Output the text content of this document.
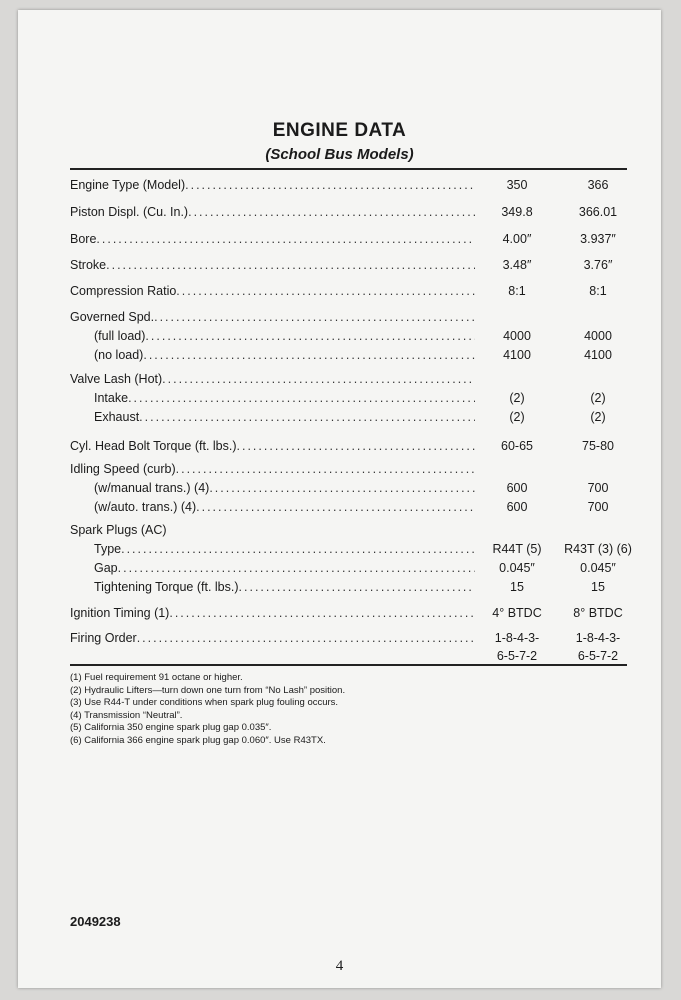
ENGINE DATA
(School Bus Models)
Engine Type (Model) .....	350	366
Piston Displ. (Cu. In.) .....	349.8	366.01
Bore .....	4.00″	3.937″
Stroke .....	3.48″	3.76″
Compression Ratio .....	8:1	8:1
Governed Spd. .....
(full load) .....	4000	4000
(no load) .....	4100	4100
Valve Lash (Hot) .....
Intake .....	(2)	(2)
Exhaust .....	(2)	(2)
Cyl. Head Bolt Torque (ft. lbs.) .....	60-65	75-80
Idling Speed (curb) .....
(w/manual trans.) (4) .....	600	700
(w/auto. trans.) (4) .....	600	700
Spark Plugs (AC)
Type .....	R44T (5)	R43T (3) (6)
Gap .....	0.045″	0.045″
Tightening Torque (ft. lbs.) .....	15	15
Ignition Timing (1) .....	4° BTDC	8° BTDC
Firing Order .....	1-8-4-3-	1-8-4-3-
6-5-7-2	6-5-7-2
(1) Fuel requirement 91 octane or higher.
(2) Hydraulic Lifters—turn down one turn from “No Lash” position.
(3) Use R44-T under conditions when spark plug fouling occurs.
(4) Transmission “Neutral”.
(5) California 350 engine spark plug gap 0.035″.
(6) California 366 engine spark plug gap 0.060″. Use R43TX.
2049238
4
